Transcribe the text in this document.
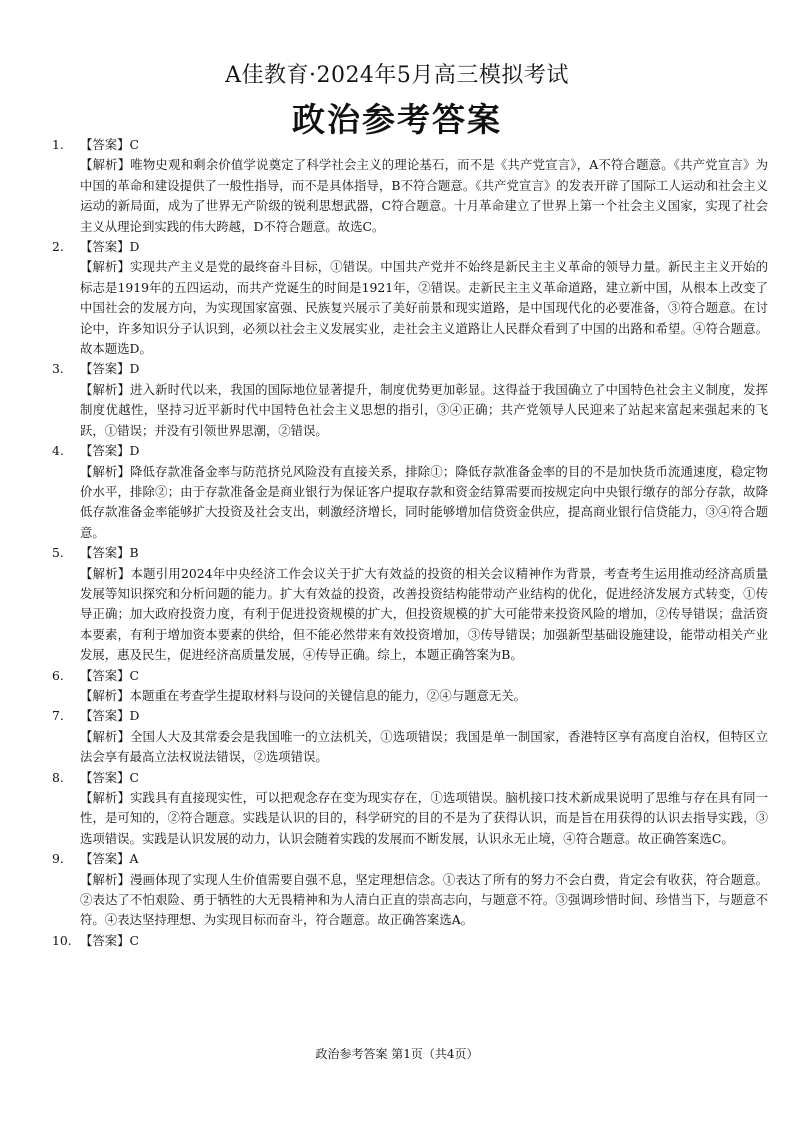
A佳教育·2024年5月高三模拟考试
政治参考答案
1.	【答案】C
【解析】唯物史观和剩余价值学说奠定了科学社会主义的理论基石，而不是《共产党宣言》，A不符合题意。《共产党宣言》为中国的革命和建设提供了一般性指导，而不是具体指导，B不符合题意。《共产党宣言》的发表开辟了国际工人运动和社会主义运动的新局面，成为了世界无产阶级的锐利思想武器，C符合题意。十月革命建立了世界上第一个社会主义国家，实现了社会主义从理论到实践的伟大跨越，D不符合题意。故选C。
2.	【答案】D
【解析】实现共产主义是党的最终奋斗目标，①错误。中国共产党并不始终是新民主主义革命的领导力量。新民主主义开始的标志是1919年的五四运动，而共产党诞生的时间是1921年，②错误。走新民主主义革命道路，建立新中国，从根本上改变了中国社会的发展方向，为实现国家富强、民族复兴展示了美好前景和现实道路，是中国现代化的必要准备，③符合题意。在讨论中，许多知识分子认识到，必须以社会主义发展实业，走社会主义道路让人民群众看到了中国的出路和希望。④符合题意。故本题选D。
3.	【答案】D
【解析】进入新时代以来，我国的国际地位显著提升，制度优势更加彰显。这得益于我国确立了中国特色社会主义制度，发挥制度优越性，坚持习近平新时代中国特色社会主义思想的指引，③④正确；共产党领导人民迎来了站起来富起来强起来的飞跃，①错误；并没有引领世界思潮，②错误。
4.	【答案】D
【解析】降低存款准备金率与防范挤兑风险没有直接关系，排除①；降低存款准备金率的目的不是加快货币流通速度，稳定物价水平，排除②；由于存款准备金是商业银行为保证客户提取存款和资金结算需要而按规定向中央银行缴存的部分存款，故降低存款准备金率能够扩大投资及社会支出，刺激经济增长，同时能够增加信贷资金供应，提高商业银行信贷能力，③④符合题意。
5.	【答案】B
【解析】本题引用2024年中央经济工作会议关于扩大有效益的投资的相关会议精神作为背景，考查考生运用推动经济高质量发展等知识探究和分析问题的能力。扩大有效益的投资，改善投资结构能带动产业结构的优化，促进经济发展方式转变，①传导正确；加大政府投资力度，有利于促进投资规模的扩大，但投资规模的扩大可能带来投资风险的增加，②传导错误；盘活资本要素，有利于增加资本要素的供给，但不能必然带来有效投资增加，③传导错误；加强新型基础设施建设，能带动相关产业发展，惠及民生，促进经济高质量发展，④传导正确。综上，本题正确答案为B。
6.	【答案】C
【解析】本题重在考查学生提取材料与设问的关键信息的能力，②④与题意无关。
7.	【答案】D
【解析】全国人大及其常委会是我国唯一的立法机关，①选项错误；我国是单一制国家，香港特区享有高度自治权，但特区立法会享有最高立法权说法错误，②选项错误。
8.	【答案】C
【解析】实践具有直接现实性，可以把观念存在变为现实存在，①选项错误。脑机接口技术新成果说明了思维与存在具有同一性，是可知的，②符合题意。实践是认识的目的，科学研究的目的不是为了获得认识，而是旨在用获得的认识去指导实践，③选项错误。实践是认识发展的动力，认识会随着实践的发展而不断发展，认识永无止境，④符合题意。故正确答案选C。
9.	【答案】A
【解析】漫画体现了实现人生价值需要自强不息，坚定理想信念。①表达了所有的努力不会白费，肯定会有收获，符合题意。②表达了不怕艰险、勇于牺牲的大无畏精神和为人清白正直的崇高志向，与题意不符。③强调珍惜时间、珍惜当下，与题意不符。④表达坚持理想、为实现目标而奋斗，符合题意。故正确答案选A。
10. 【答案】C
政治参考答案 第1页（共4页）
